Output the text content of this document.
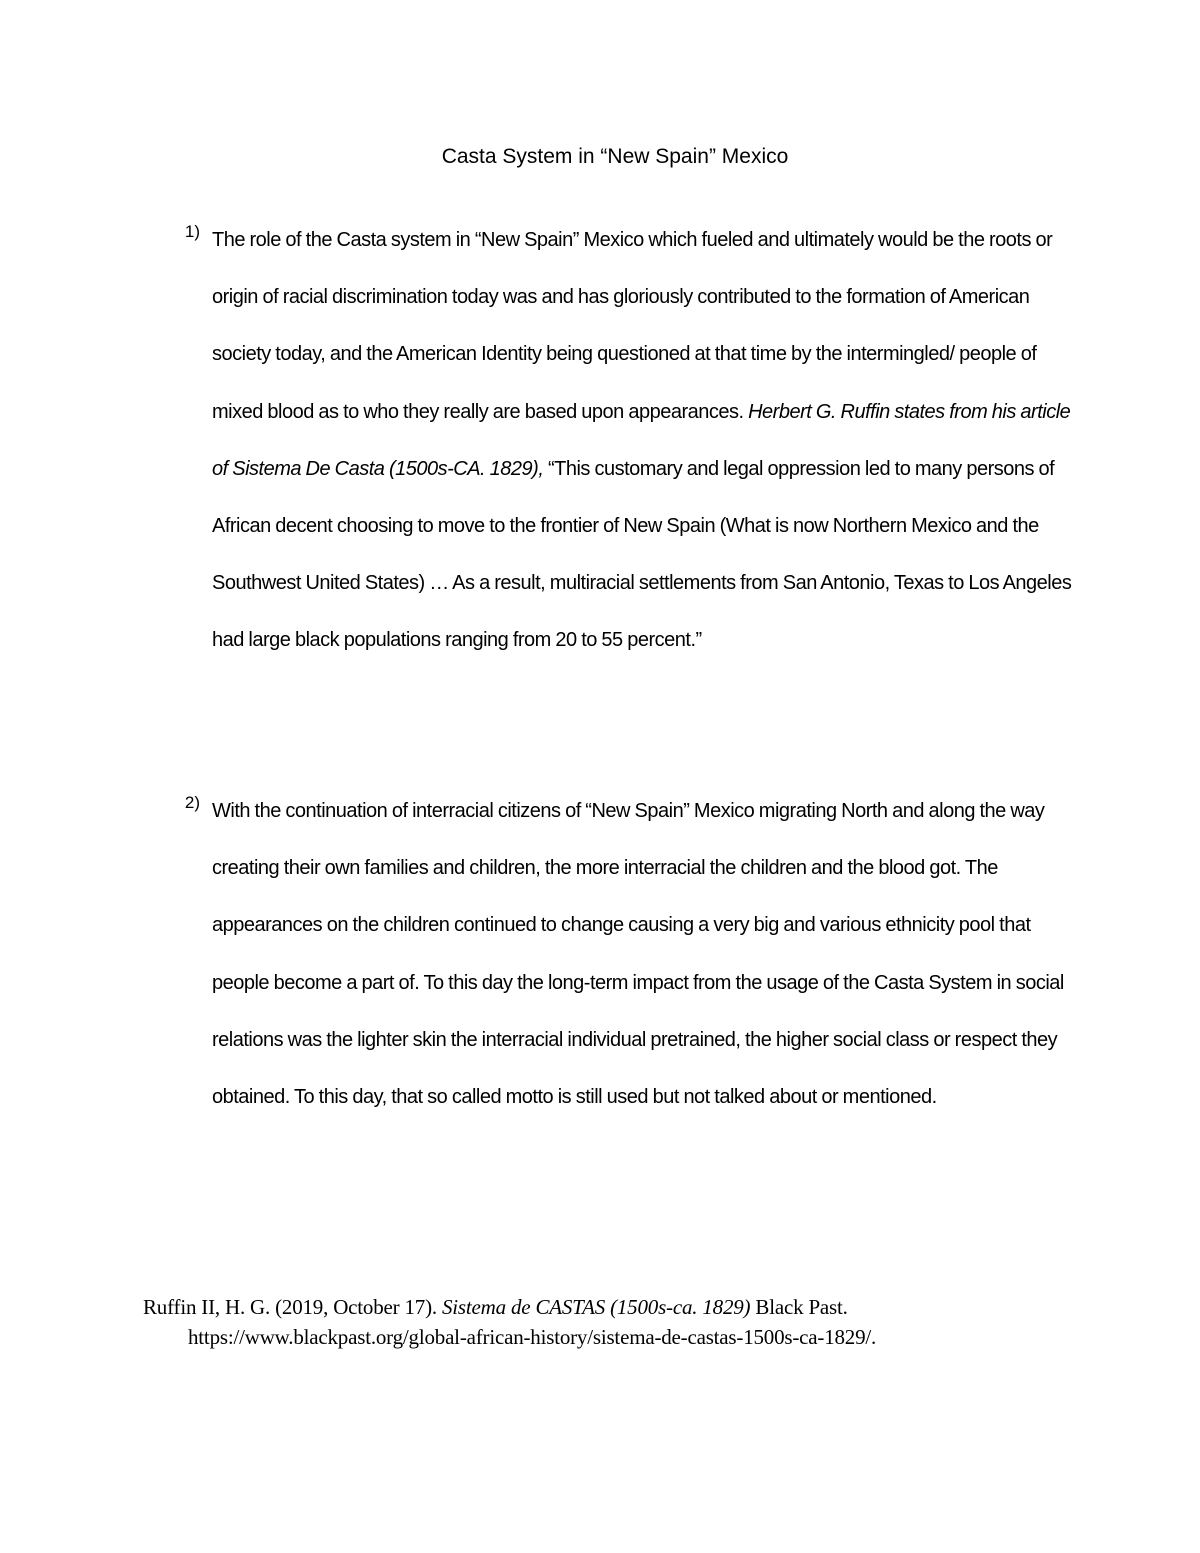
Casta System in “New Spain” Mexico
1) The role of the Casta system in “New Spain” Mexico which fueled and ultimately would be the roots or origin of racial discrimination today was and has gloriously contributed to the formation of American society today, and the American Identity being questioned at that time by the intermingled/ people of mixed blood as to who they really are based upon appearances. Herbert G. Ruffin states from his article of Sistema De Casta (1500s-CA. 1829), “This customary and legal oppression led to many persons of African decent choosing to move to the frontier of New Spain (What is now Northern Mexico and the Southwest United States) … As a result, multiracial settlements from San Antonio, Texas to Los Angeles had large black populations ranging from 20 to 55 percent.”

2) With the continuation of interracial citizens of “New Spain” Mexico migrating North and along the way creating their own families and children, the more interracial the children and the blood got. The appearances on the children continued to change causing a very big and various ethnicity pool that people become a part of. To this day the long-term impact from the usage of the Casta System in social relations was the lighter skin the interracial individual pretrained, the higher social class or respect they obtained. To this day, that so called motto is still used but not talked about or mentioned.

Ruffin II, H. G. (2019, October 17). Sistema de CASTAS (1500s-ca. 1829) Black Past. https://www.blackpast.org/global-african-history/sistema-de-castas-1500s-ca-1829/.
